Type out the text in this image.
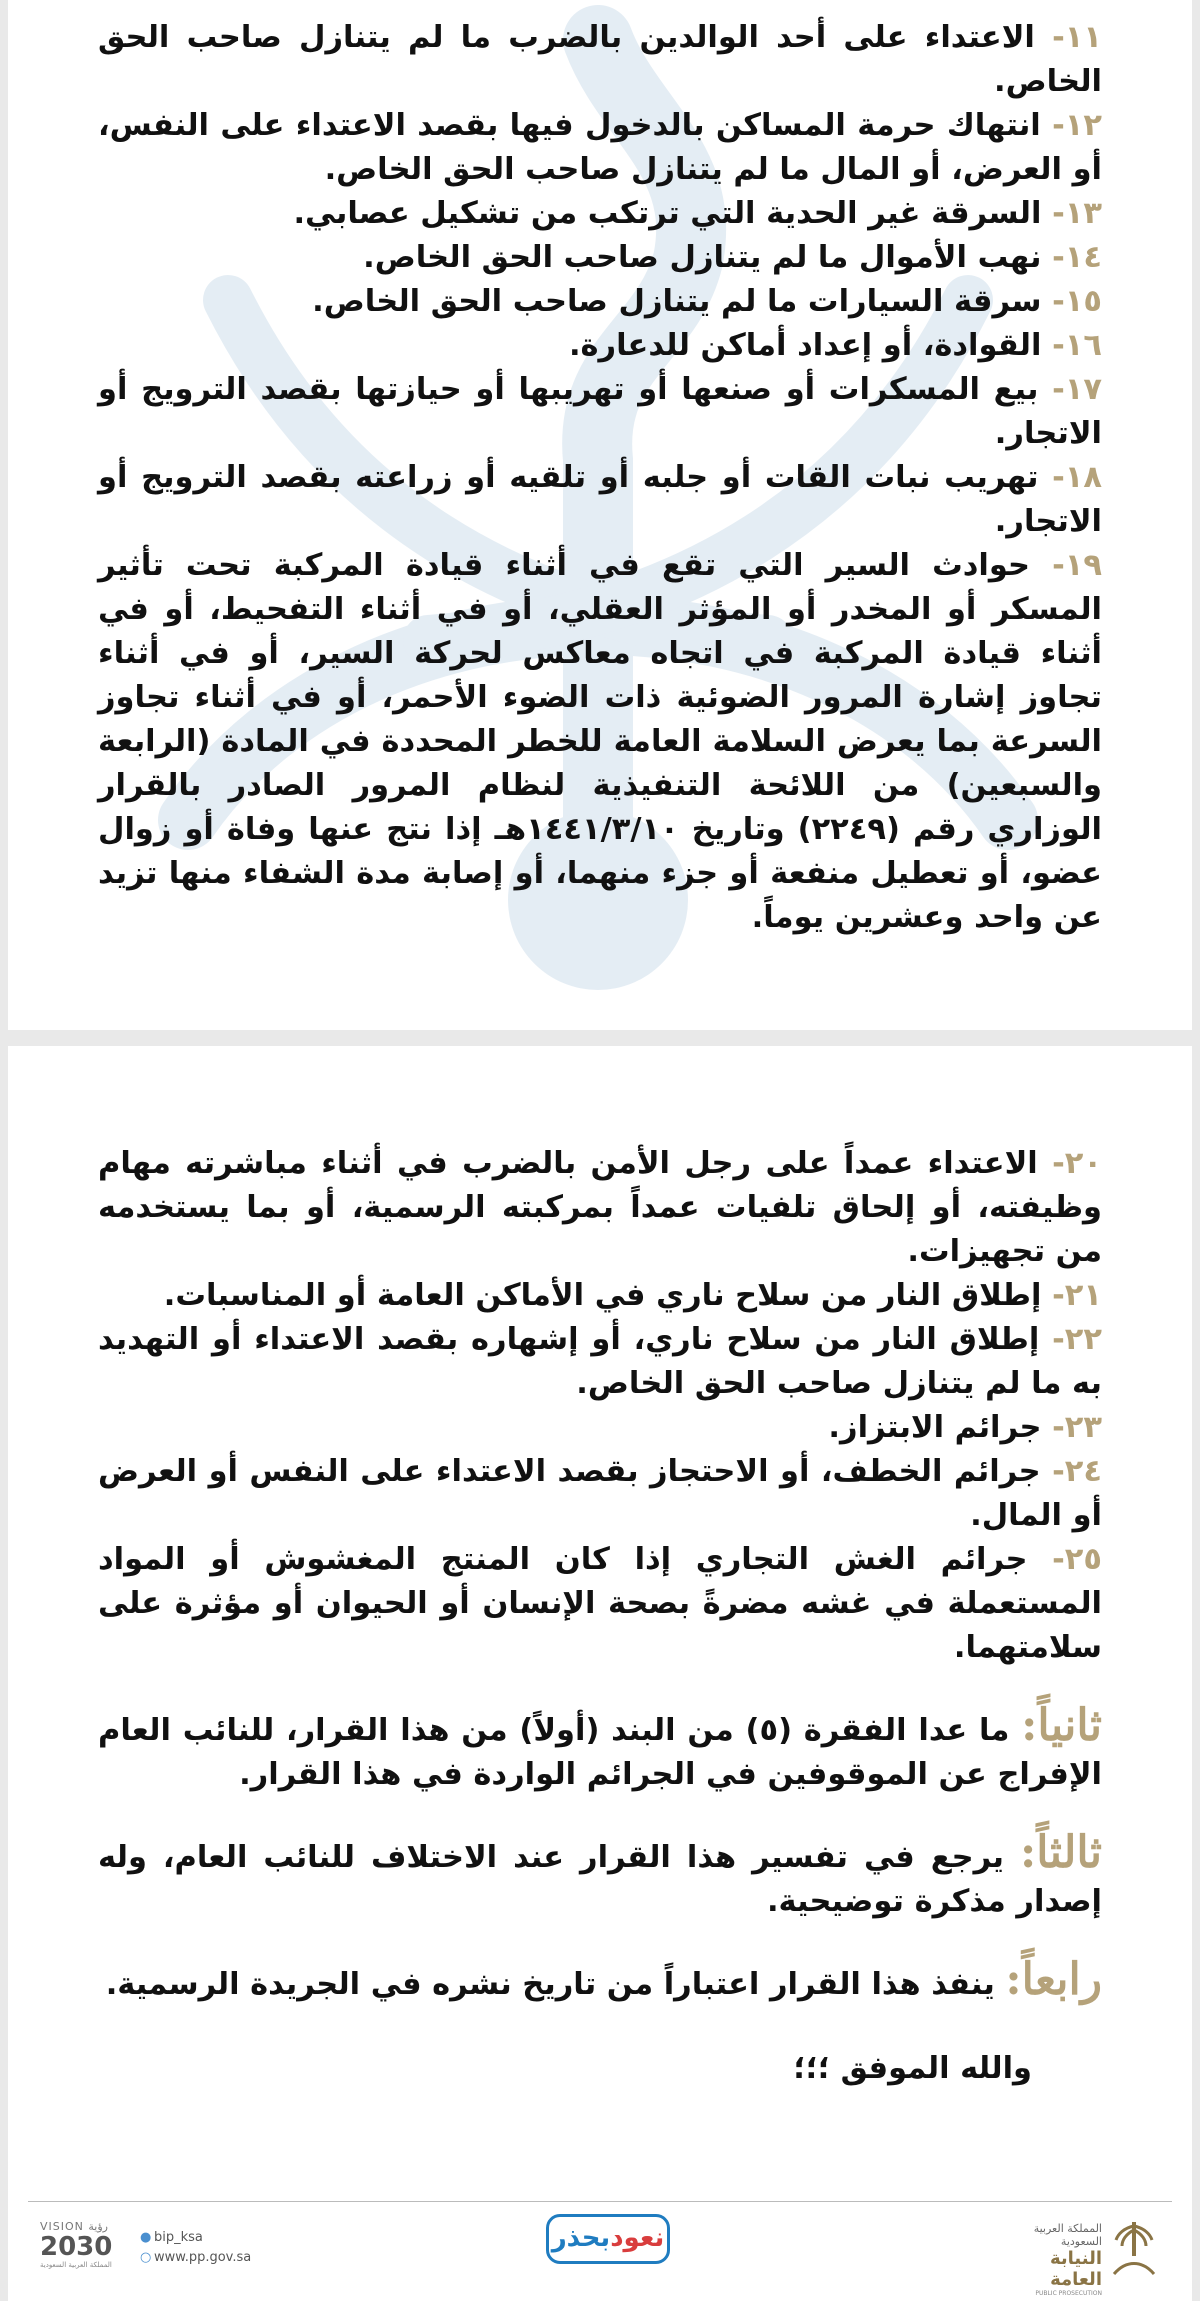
١١- الاعتداء على أحد الوالدين بالضرب ما لم يتنازل صاحب الحق الخاص.

١٢- انتهاك حرمة المساكن بالدخول فيها بقصد الاعتداء على النفس، أو العرض، أو المال ما لم يتنازل صاحب الحق الخاص.

١٣- السرقة غير الحدية التي ترتكب من تشكيل عصابي.

١٤- نهب الأموال ما لم يتنازل صاحب الحق الخاص.

١٥- سرقة السيارات ما لم يتنازل صاحب الحق الخاص.

١٦- القوادة، أو إعداد أماكن للدعارة.

١٧- بيع المسكرات أو صنعها أو تهريبها أو حيازتها بقصد الترويج أو الاتجار.

١٨- تهريب نبات القات أو جلبه أو تلقيه أو زراعته بقصد الترويج أو الاتجار.

١٩- حوادث السير التي تقع في أثناء قيادة المركبة تحت تأثير المسكر أو المخدر أو المؤثر العقلي، أو في أثناء التفحيط، أو في أثناء قيادة المركبة في اتجاه معاكس لحركة السير، أو في أثناء تجاوز إشارة المرور الضوئية ذات الضوء الأحمر، أو في أثناء تجاوز السرعة بما يعرض السلامة العامة للخطر المحددة في المادة (الرابعة والسبعين) من اللائحة التنفيذية لنظام المرور الصادر بالقرار الوزاري رقم (٢٢٤٩) وتاريخ ١٤٤١/٣/١٠هـ إذا نتج عنها وفاة أو زوال عضو، أو تعطيل منفعة أو جزء منهما، أو إصابة مدة الشفاء منها تزيد عن واحد وعشرين يوماً.

٢٠- الاعتداء عمداً على رجل الأمن بالضرب في أثناء مباشرته مهام وظيفته، أو إلحاق تلفيات عمداً بمركبته الرسمية، أو بما يستخدمه من تجهيزات.

٢١- إطلاق النار من سلاح ناري في الأماكن العامة أو المناسبات.

٢٢- إطلاق النار من سلاح ناري، أو إشهاره بقصد الاعتداء أو التهديد به ما لم يتنازل صاحب الحق الخاص.

٢٣- جرائم الابتزاز.

٢٤- جرائم الخطف، أو الاحتجاز بقصد الاعتداء على النفس أو العرض أو المال.

٢٥- جرائم الغش التجاري إذا كان المنتج المغشوش أو المواد المستعملة في غشه مضرةً بصحة الإنسان أو الحيوان أو مؤثرة على سلامتهما.

ثانياً: ما عدا الفقرة (٥) من البند (أولاً) من هذا القرار، للنائب العام الإفراج عن الموقوفين في الجرائم الواردة في هذا القرار.

ثالثاً: يرجع في تفسير هذا القرار عند الاختلاف للنائب العام، وله إصدار مذكرة توضيحية.

رابعاً: ينفذ هذا القرار اعتباراً من تاريخ نشره في الجريدة الرسمية.

والله الموفق ؛؛؛

VISION رؤية
2030
المملكة العربية السعودية
● bip_ksa
○ www.pp.gov.sa
نعودبحذر	المملكة العربية السعودية
النيابة العامة
PUBLIC PROSECUTION
